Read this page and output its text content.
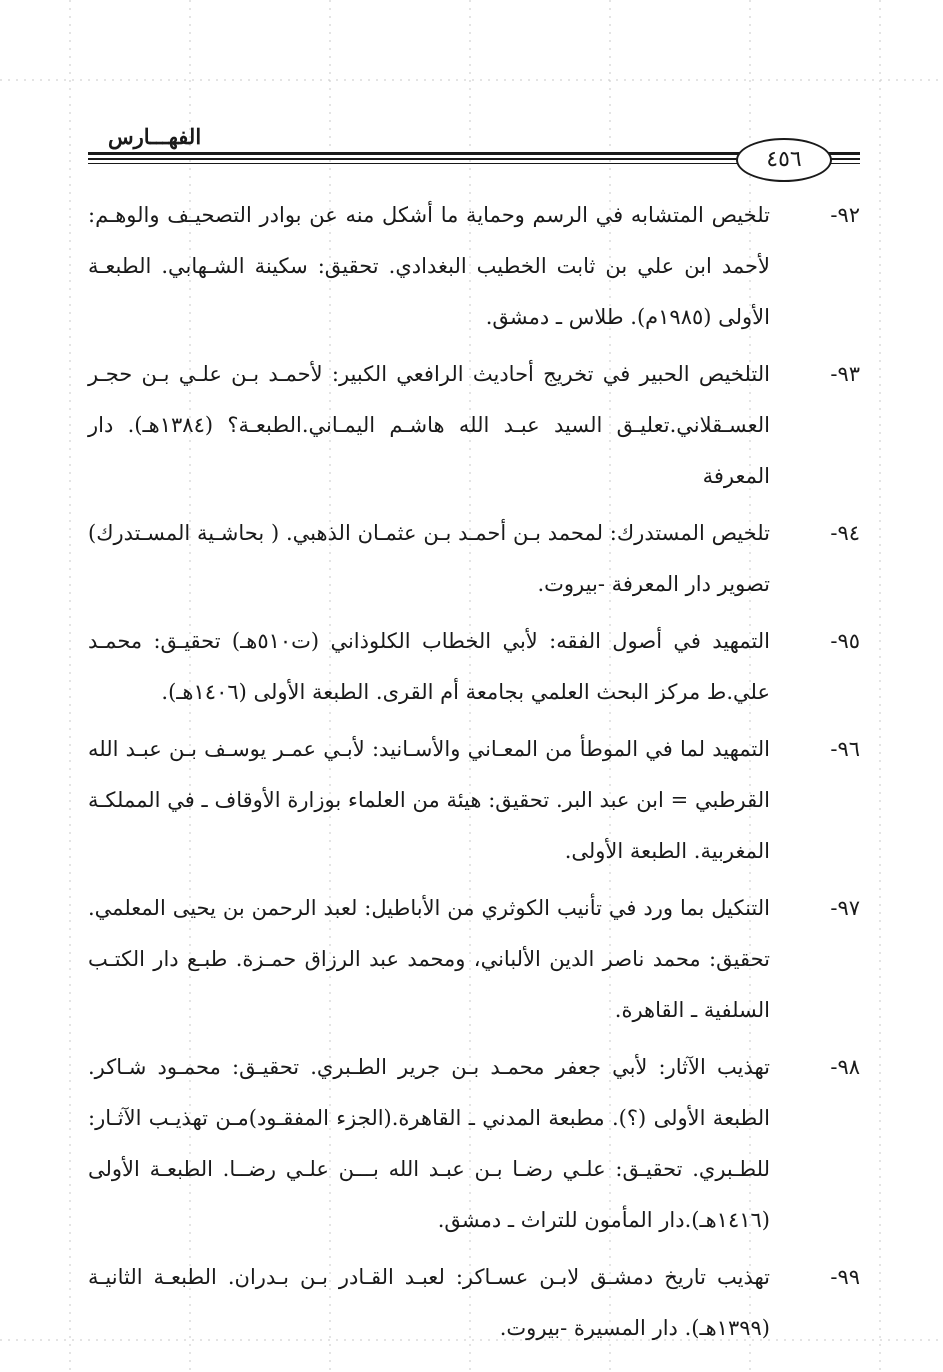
الفهـــارس
٤٥٦
٩٢-
تلخيص المتشابه في الرسم وحماية ما أشكل منه عن بوادر التصحيـف والوهـم: لأحمد ابن علي بن ثابت الخطيب البغدادي. تحقيق: سكينة الشـهابي. الطبعـة الأولى (١٩٨٥م). طلاس ـ دمشق.
٩٣-
التلخيص الحبير في تخريج أحاديث الرافعي الكبير: لأحمـد بـن علـي بـن حجـر العسـقلاني.تعليـق السيد عبـد الله هاشـم اليمـاني.الطبعـة؟ (١٣٨٤هـ). دار المعرفة
٩٤-
تلخيص المستدرك: لمحمد بـن أحمـد بـن عثمـان الذهبي. ( بحاشـية المسـتدرك) تصوير دار المعرفة -بيروت.
٩٥-
التمهيد في أصول الفقه: لأبي الخطاب الكلوذاني (ت٥١٠هـ) تحقيـق: محمـد علي.ط مركز البحث العلمي بجامعة أم القرى. الطبعة الأولى (١٤٠٦هـ).
٩٦-
التمهيد لما في الموطأ من المعـاني والأسـانيد: لأبـي عمـر يوسـف بـن عبـد الله القرطبي = ابن عبد البر. تحقيق: هيئة من العلماء بوزارة الأوقاف ـ في المملكـة المغربية. الطبعة الأولى.
٩٧-
التنكيل بما ورد في تأنيب الكوثري من الأباطيل: لعبد الرحمن بن يحيى المعلمي. تحقيق: محمد ناصر الدين الألباني، ومحمد عبد الرزاق حمـزة. طبـع دار الكتـب السلفية ـ القاهرة.
٩٨-
تهذيب الآثار: لأبي جعفر محمـد بـن جرير الطـبري. تحقيـق: محمـود شـاكر. الطبعة الأولى (؟). مطبعة المدني ـ القاهرة.(الجزء المفقـود)مـن تهذيـب الآثـار: للطـبري. تحقيـق: علـي رضـا بـن عبـد الله بـــن علـي رضــا. الطبعـة الأولى (١٤١٦هـ).دار المأمون للتراث ـ دمشق.
٩٩-
تهذيب تاريخ دمشـق لابـن عسـاكر: لعبـد القـادر بـن بـدران. الطبعـة الثانيـة (١٣٩٩هـ). دار المسيرة -بيروت.
